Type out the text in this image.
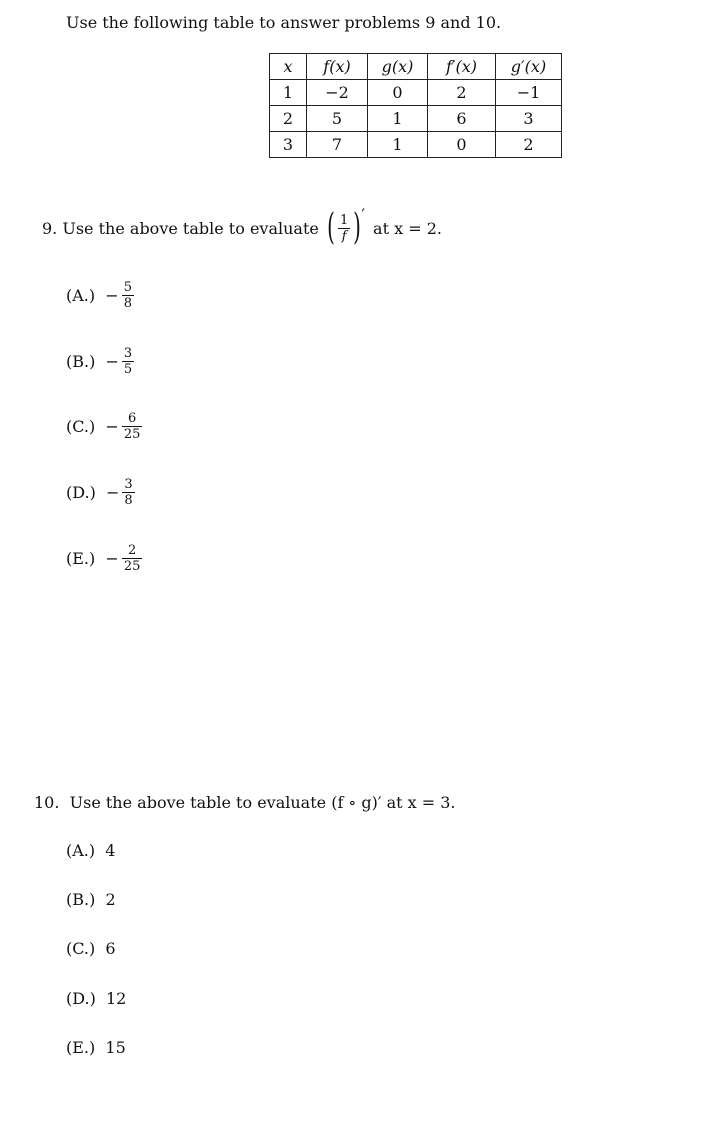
Use the following table to answer problems 9 and 10.
x	f(x)	g(x)	f′(x)	g′(x)
1	−2	0	2	−1
2	5	1	6	3
3	7	1	0	2
9.
Use the above table to evaluate
( $\frac{1}{f}$ ) ′

at x = 2.
(A.)
− $\frac{5}{8}$
(B.)
− $\frac{3}{5}$
(C.)
− $\frac{6}{25}$
(D.)
− $\frac{3}{8}$
(E.)
− $\frac{2}{25}$
10. Use the above table to evaluate (f ∘ g)′ at x = 3.
(A.) 4
(B.) 2
(C.) 6
(D.) 12
(E.) 15
